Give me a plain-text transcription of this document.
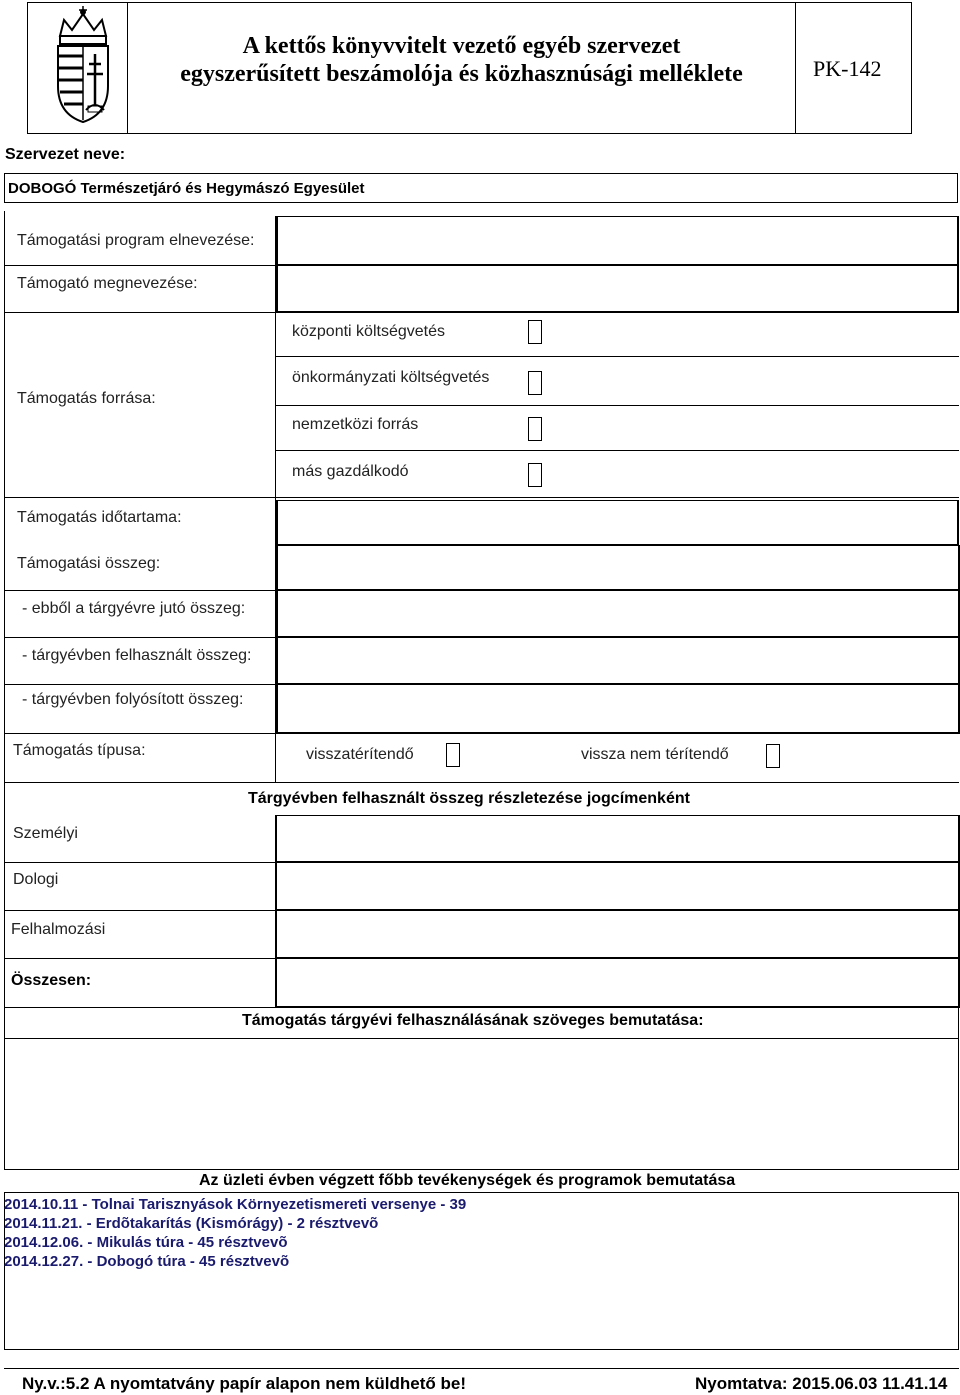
A kettős könyvvitelt vezető egyéb szervezet
egyszerűsített beszámolója és közhasznúsági melléklete	PK-142
Szervezet neve:
DOBOGÓ Természetjáró és Hegymászó Egyesület
Támogatási program elnevezése:
Támogató megnevezése:
Támogatás forrása:
központi költségvetés
önkormányzati költségvetés
nemzetközi forrás
más gazdálkodó
Támogatás időtartama:
Támogatási összeg:
- ebből a tárgyévre jutó összeg:
- tárgyévben felhasznált összeg:
- tárgyévben folyósított összeg:
Támogatás típusa:	visszatérítendő	vissza nem térítendő
Tárgyévben felhasznált összeg részletezése jogcímenként
Személyi
Dologi
Felhalmozási
Összesen:
Támogatás tárgyévi felhasználásának szöveges bemutatása:
Az üzleti évben végzett főbb tevékenységek és programok bemutatása
2014.10.11 - Tolnai Tarisznyások Környezetismereti versenye - 39
2014.11.21. - Erdõtakarítás (Kismórágy) - 2 résztvevõ
2014.12.06. - Mikulás túra - 45 résztvevõ
2014.12.27. - Dobogó túra - 45 résztvevõ
Ny.v.:5.2 A nyomtatvány papír alapon nem küldhető be!	Nyomtatva: 2015.06.03 11.41.14
